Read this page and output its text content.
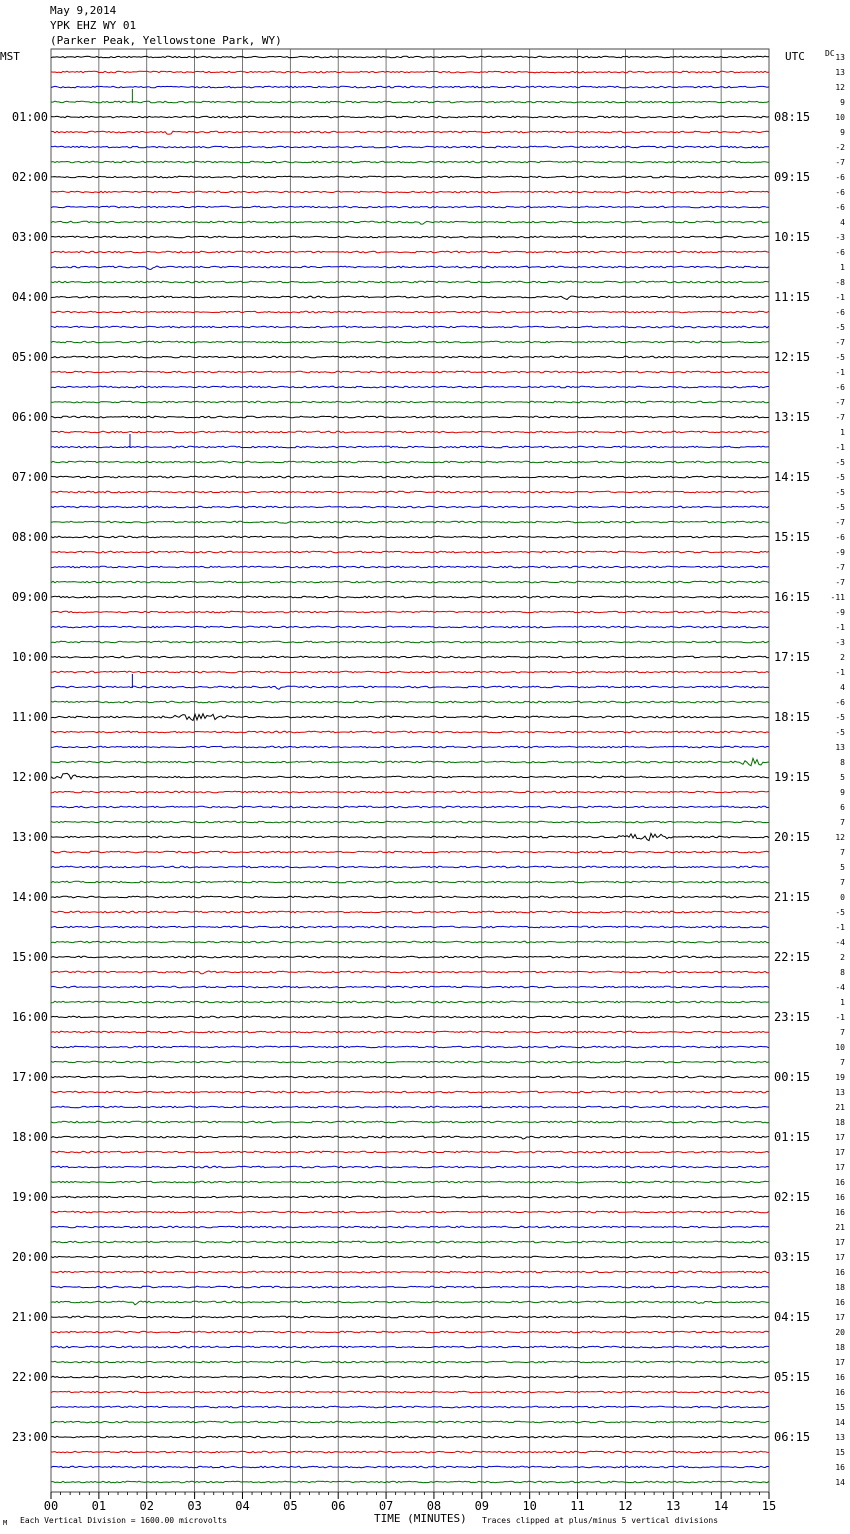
May 9,2014
YPK EHZ WY 01
(Parker Peak, Yellowstone Park, WY)
MST	UTC	DC
00	01	02	03	04	05	06	07	08	09	10	11	12	13	14	15
13
13
12
9
10
9
-2
-7
-6
-6
-6
4
-3
-6
1
-8
-1
-6
-5
-7
-5
-1
-6
-7
-7
1
-1
-5
-5
-5
-5
-7
-6
-9
-7
-7
-11
-9
-1
-3
2
-1
4
-6
-5
-5
13
8
5
9
6
7
12
7
5
7
0
-5
-1
-4
2
8
-4
1
-1
7
10
7
19
13
21
18
17
17
17
16
16
16
21
17
17
16
18
16
17
20
18
17
16
16
15
14
13
15
16
14
01:00
02:00
03:00
04:00
05:00
06:00
07:00
08:00
09:00
10:00
11:00
12:00
13:00
14:00
15:00
16:00
17:00
18:00
19:00
20:00
21:00
22:00
23:00
08:15
09:15
10:15
11:15
12:15
13:15
14:15
15:15
16:15
17:15
18:15
19:15
20:15
21:15
22:15
23:15
00:15
01:15
02:15
03:15
04:15
05:15
06:15
M Each Vertical Division = 1600.00 microvolts	TIME (MINUTES) Traces clipped at plus/minus 5 vertical divisions
